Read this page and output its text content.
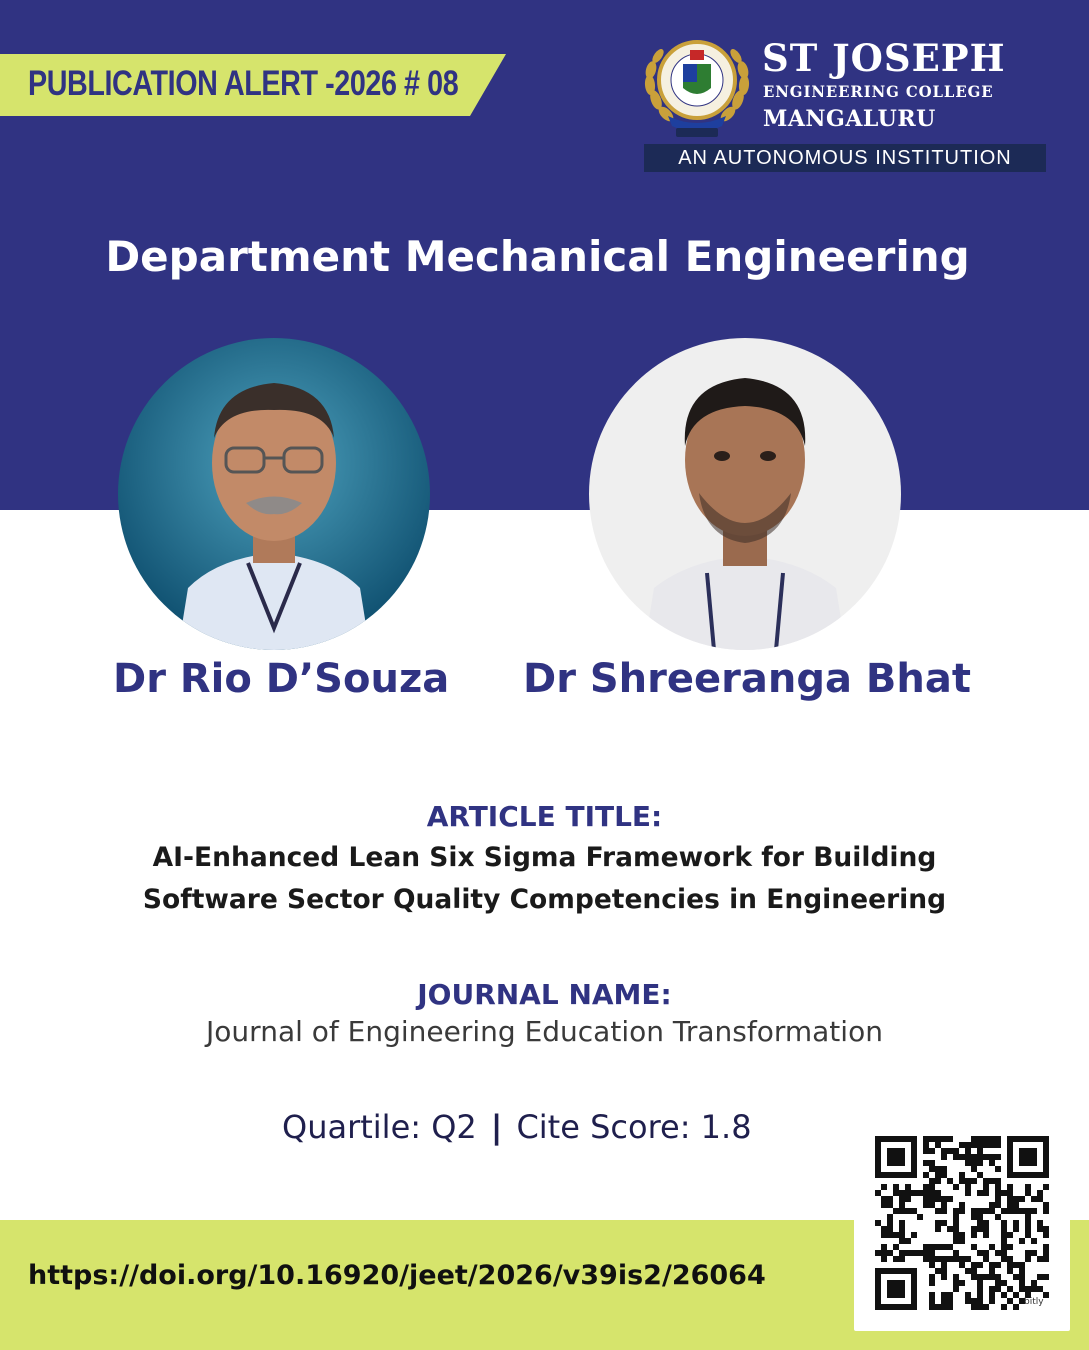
PUBLICATION ALERT -2026 # 08
ST JOSEPH
ENGINEERING COLLEGE
MANGALURU
AN AUTONOMOUS INSTITUTION
Department Mechanical Engineering
Dr Rio D’Souza Dr Shreeranga Bhat
ARTICLE TITLE:
AI-Enhanced Lean Six Sigma Framework for Building
Software Sector Quality Competencies in Engineering
JOURNAL NAME:
Journal of Engineering Education Transformation
Quartile: Q2 | Cite Score: 1.8
https://doi.org/10.16920/jeet/2026/v39is2/26064
bitly
